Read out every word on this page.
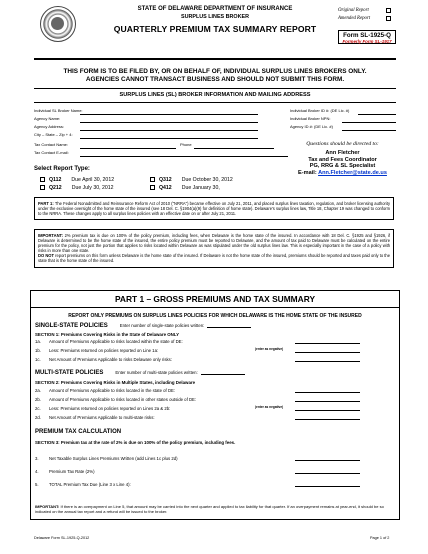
STATE OF DELAWARE DEPARTMENT OF INSURANCE
SURPLUS LINES BROKER
QUARTERLY PREMIUM TAX SUMMARY REPORT
Original Report
Amended Report
Form SL-1925-Q
Formerly Form SL-1917
THIS FORM IS TO BE FILED BY, OR ON BEHALF OF, INDIVIDUAL SURPLUS LINES BROKERS ONLY.
AGENCIES CANNOT TRANSACT BUSINESS AND SHOULD NOT SUBMIT THIS FORM.
SURPLUS LINES (SL) BROKER INFORMATION AND MAILING ADDRESS
Individual SL Broker Name:
Agency Name:
Agency Address:
City – State – Zip + 4:
Tax Contact Name:	Phone
Tax Contact E-mail:
Individual Broker ID #: (DE Lic. #)
Individual Broker NPN:
Agency ID #: (DE Lic. #)
Questions should be directed to:
Ann Fletcher
Tax and Fees Coordinator
PG, RRG & SL Specialist
E-mail: Ann.Fletcher@state.de.us
Select Report Type:
Q112 Due April 30, 2012
Q212 Due July 30, 2012
Q312 Due October 30, 2012
Q412 Due January 30,
PART 1: The Federal Nonadmitted and Reinsurance Reform Act of 2010 ("NRRA") became effective on July 21, 2011, and placed surplus lines taxation, regulation, and broker licensing authority under the exclusive oversight of the home state of the insured (see 18 Del. C. §1904(a)(9) for definition of home state). Delaware's surplus lines law, Title 18, Chapter 19 was changed to conform to the NRRA. These changes apply to all surplus lines policies with an effective date on or after July 21, 2011.
IMPORTANT: 2% premium tax is due on 100% of the policy premium, including fees, when Delaware is the home state of the insured. In accordance with 18 Del. C. §1925 and §1926, if Delaware is determined to be the home state of the insured, the entire policy premium must be reported to Delaware, and the amount of tax paid to Delaware must be calculated on the entire premium for the policy, not just the portion that applies to risks located within Delaware as was stipulated under the old surplus lines law. This is especially important in the case of a policy with risks in more than one state.
DO NOT report premiums on this form unless Delaware is the home state of the insured. If Delaware is not the home state of the insured, premiums should be reported and taxes paid only to the state that is the home state of the insured.
PART 1 – GROSS PREMIUMS AND TAX SUMMARY
REPORT ONLY PREMIUMS ON SURPLUS LINES POLICIES FOR WHICH DELAWARE IS THE HOME STATE OF THE INSURED
SINGLE-STATE POLICIES	Enter number of single-state policies written:
SECTION 1: Premiums Covering Risks in the State of Delaware ONLY
1a. Amount of Premiums Applicable to risks located within the state of DE:
1b. Less: Premiums returned on policies reported on Line 1a:	(enter as negative)
1c. Net Amount of Premiums Applicable to risks Delaware only risks:
MULTI-STATE POLICIES	Enter number of multi-state policies written:
SECTION 2: Premiums Covering Risks in Multiple States, including Delaware
2a. Amount of Premiums Applicable to risks located in the state of DE:
2b. Amount of Premiums Applicable to risks located in other states outside of DE:
2c. Less: Premiums returned on policies reported on Lines 2a & 2b:	(enter as negative)
2d. Net Amount of Premiums Applicable to multi-state risks:
PREMIUM TAX CALCULATION
SECTION 3: Premium tax at the rate of 2% is due on 100% of the policy premium, including fees.
3. Net Taxable Surplus Lines Premiums Written (add Lines 1c plus 2d)
4. Premium Tax Rate (2%)
5. TOTAL Premium Tax Due (Line 3 x Line 4):
IMPORTANT: If there is an overpayment on Line 5, that amount may be carried into the next quarter and applied to tax liability for that quarter. If an overpayment remains at year-end, it should be so indicated on the annual tax report and a refund will be issued to the broker.
Delaware Form SL-1925-Q-2012	Page 1 of 2
